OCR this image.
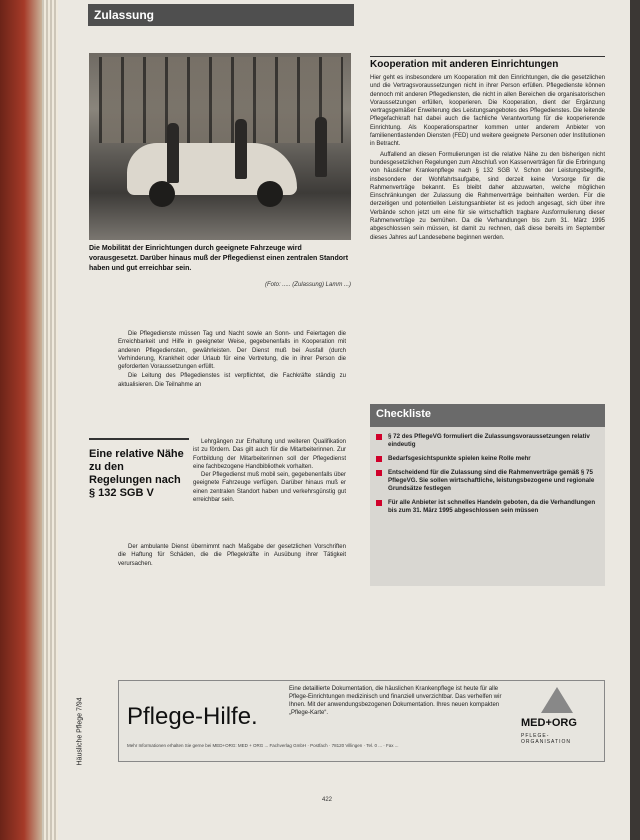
Zulassung

Die Mobilität der Einrichtungen durch geeignete Fahrzeuge wird vorausgesetzt. Darüber hinaus muß der Pflegedienst einen zentralen Standort haben und gut erreichbar sein.

(Foto: ..... (Zulassung) Lamm ...)

Die Pflegedienste müssen Tag und Nacht sowie an Sonn- und Feiertagen die Erreichbarkeit und Hilfe in geeigneter Weise, gegebenenfalls in Kooperation mit anderen Pflegediensten, gewährleisten. Der Dienst muß bei Ausfall (durch Verhinderung, Krankheit oder Urlaub für eine Vertretung, die in ihrer Person die geforderten Voraussetzungen erfüllt.

Die Leitung des Pflegedienstes ist verpflichtet, die Fachkräfte ständig zu aktualisieren. Die Teilnahme an

Eine relative Nähe zu den Regelungen nach § 132 SGB V

Lehrgängen zur Erhaltung und weiteren Qualifikation ist zu fördern. Das gilt auch für die Mitarbeiterinnen. Zur Fortbildung der Mitarbeiterinnen soll der Pflegedienst eine fachbezogene Handbibliothek vorhalten.

Der Pflegedienst muß mobil sein, gegebenenfalls über geeignete Fahrzeuge verfügen. Darüber hinaus muß er einen zentralen Standort haben und verkehrsgünstig gut erreichbar sein.

Der ambulante Dienst übernimmt nach Maßgabe der gesetzlichen Vorschriften die Haftung für Schäden, die die Pflegekräfte in Ausübung ihrer Tätigkeit verursachen.

Kooperation mit anderen Einrichtungen

Hier geht es insbesondere um Kooperation mit den Einrichtungen, die die gesetzlichen und die Vertragsvoraussetzungen nicht in ihrer Person erfüllen. Pflegedienste können dennoch mit anderen Pflegediensten, die nicht in allen Bereichen die organisatorischen Voraussetzungen erfüllen, kooperieren. Die Kooperation, dient der Ergänzung vertragsgemäßer Erweiterung des Leistungsangebotes des Pflegedienstes. Die leitende Pflegefachkraft hat dabei auch die fachliche Verantwortung für die kooperierende Einrichtung. Als Kooperationspartner kommen unter anderem Anbieter von familienentlastenden Diensten (FED) und weitere geeignete Personen oder Institutionen in Betracht.

Auffallend an diesen Formulierungen ist die relative Nähe zu den bisherigen nicht bundesgesetzlichen Regelungen zum Abschluß von Kassenverträgen für die Erbringung von häuslicher Krankenpflege nach § 132 SGB V. Schon der Leistungsbegriffe, insbesondere der Wohlfahrtsaufgabe, sind derzeit keine Vorsorge für die Rahmenverträge bekannt. Es bleibt daher abzuwarten, welche möglichen Einschränkungen der Zulassung die Rahmenverträge beinhalten werden. Für die derzeitigen und potentiellen Leistungsanbieter ist es jedoch angesagt, sich über ihre Verbände schon jetzt um eine für sie wirtschaftlich tragbare Ausformulierung dieser Rahmenverträge zu bemühen. Da die Verhandlungen bis zum 31. März 1995 abgeschlossen sein müssen, ist damit zu rechnen, daß diese bereits im September dieses Jahres auf Landesebene beginnen werden.

Checkliste
§ 72 des PflegeVG formuliert die Zulassungsvoraussetzungen relativ eindeutig
Bedarfsgesichtspunkte spielen keine Rolle mehr
Entscheidend für die Zulassung sind die Rahmenverträge gemäß § 75 PflegeVG. Sie sollen wirtschaftliche, leistungsbezogene und regionale Grundsätze festlegen
Für alle Anbieter ist schnelles Handeln geboten, da die Verhandlungen bis zum 31. März 1995 abgeschlossen sein müssen
Häusliche Pflege 7/94 Pflege-Hilfe.
Eine detaillierte Dokumentation, die häuslichen Krankenpflege ist heute für alle Pflege-Einrichtungen medizinisch und finanziell unverzichtbar. Das verhelfen wir Ihnen. Mit der anwendungsbezogenen Dokumentation. Ihres neuen kompakten „Pflege-Karte“.
Mehr Informationen erhalten Sie gerne bei MED+ORG: MED + ORG ... Fachverlag GmbH · Postfach · 78120 Villingen · Tel. 0 ... · Fax ...
MED+ORG
PFLEGE-ORGANISATION
422
